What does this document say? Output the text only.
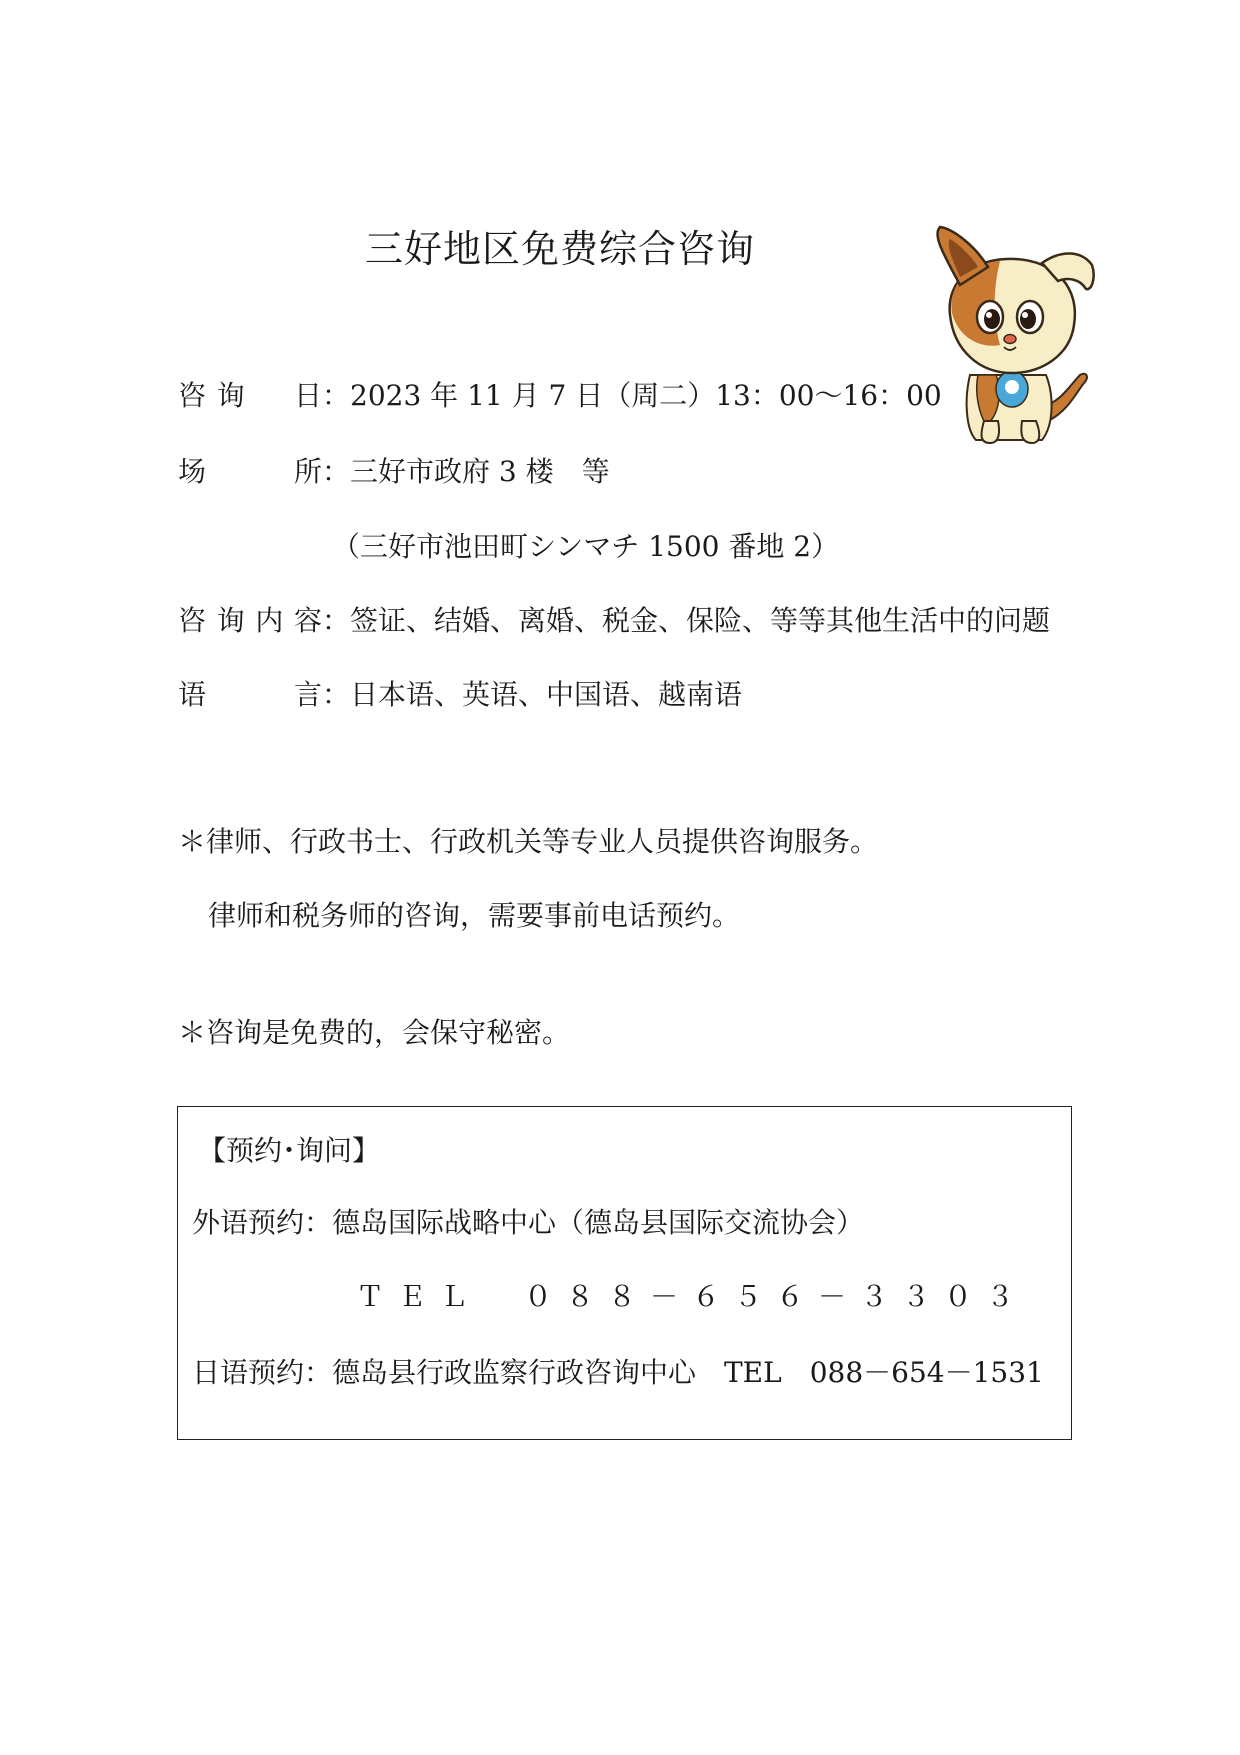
三好地区免费综合咨询
咨询　日：2023 年 11 月 7 日（周二）13：00～16：00
场　　所：三好市政府 3 楼　等
（三好市池田町シンマチ 1500 番地 2）
咨询内容：签证、结婚、离婚、税金、保险、等等其他生活中的问题
语　　言：日本语、英语、中国语、越南语
＊律师、行政书士、行政机关等专业人员提供咨询服务。
律师和税务师的咨询，需要事前电话预约。
＊咨询是免费的，会保守秘密。
【预约･询问】
外语预约：德岛国际战略中心（德岛县国际交流协会）
ＴＥＬ　０８８－６５６－３３０３
日语预约：德岛县行政监察行政咨询中心　TEL　088－654－1531
